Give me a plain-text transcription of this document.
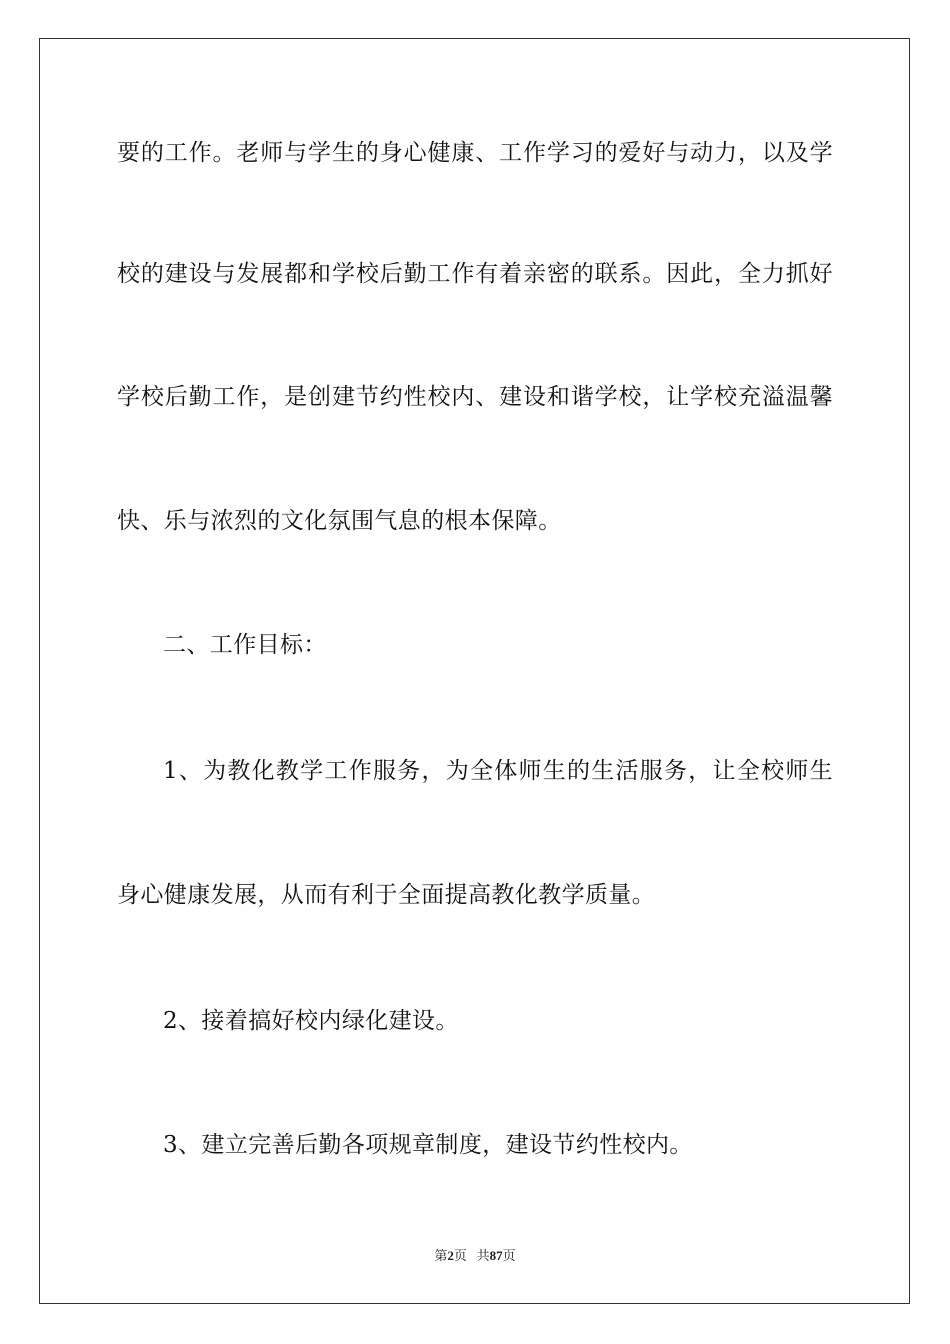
要的工作。老师与学生的身心健康、工作学习的爱好与动力，以及学
校的建设与发展都和学校后勤工作有着亲密的联系。因此，全力抓好
学校后勤工作，是创建节约性校内、建设和谐学校，让学校充溢温馨
快、乐与浓烈的文化氛围气息的根本保障。
二、工作目标：
1、为教化教学工作服务，为全体师生的生活服务，让全校师生
身心健康发展，从而有利于全面提高教化教学质量。
2、接着搞好校内绿化建设。
3、建立完善后勤各项规章制度，建设节约性校内。
第2页 共87页
